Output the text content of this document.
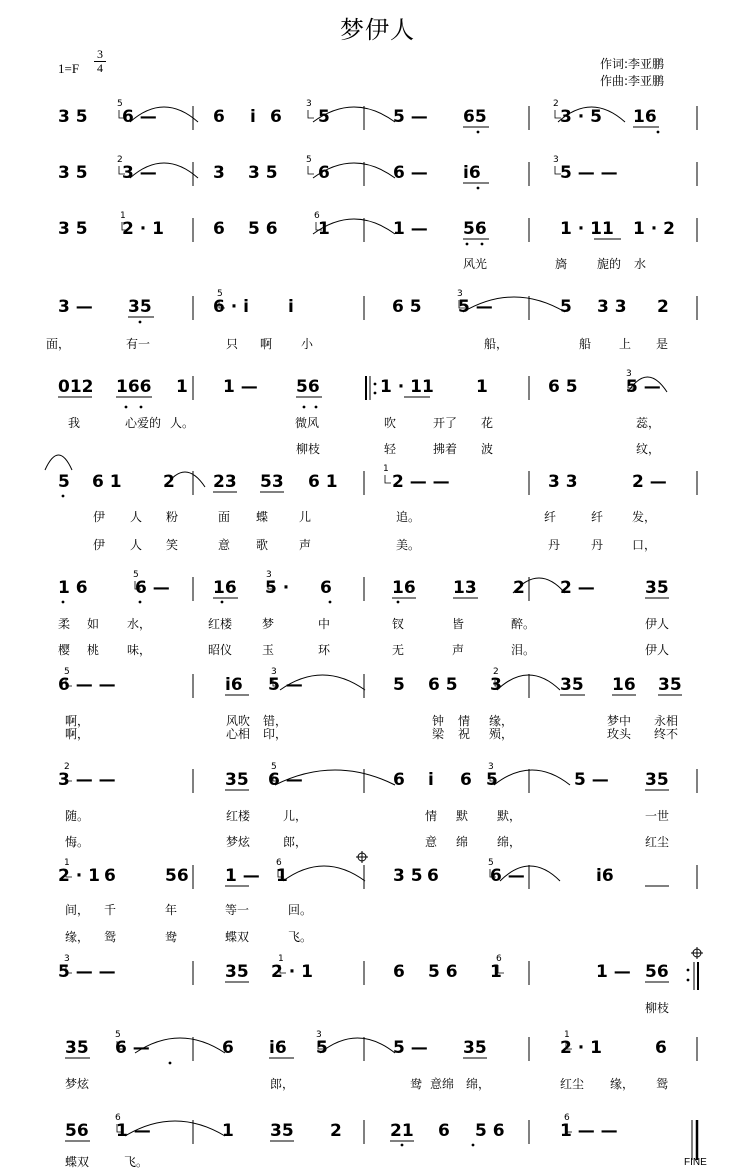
梦伊人
1=F
3
4	作词:李亚鹏
作曲:李亚鹏
3 5 6 —	6 i 6 5	5 — 65	3 · 5 16
5	3	2
3 5 3 —	3 3 5 6	6 — i6	5 — —
2	5	3
3 5 2 · 1	6 5 6 1	1 — 56	1 · 11 1 · 2
1	6
风光	旖 旎的 水
3 — 35	6 · i i	6 5 5 —	5 3 3 2
5	3
面，	有一	只 啊 小	船，	船 上 是
012 166 1 1 — 56	1 · 11 1	6 5	5 —
3
我	心爱的 人。	微风	吹	开了 花	蕊，
柳枝	轻	拂着 波	纹，
5 6 1 2 23 53 6 1	2 — —	3 3	2 —
1
伊 人 粉	面 蝶	儿	追。	纤	纤 发，
伊 人 笑	意 歌	声	美。	丹	丹 口，
1 6	6 —	16 5 · 6	16 13 2 2 —	35
5	3
柔 如 水，	红楼 梦	中	钗	皆	醉。	伊人
樱 桃 味，	昭仪 玉	环	无	声	泪。	伊人
6 — —	i6 5 —	5 6 5 3	35 16 35
5	3	2
啊，	风吹 错，	钟 情 缘，	梦中 永相
啊，	心相 印，	梁 祝 殒，	玫头 终不
3 — —	35 6 —	6 i 6 5	5 — 35
2	5	3
随。	红楼	儿，	情 默 默，	一世
悔。	梦炫	郎，	意 绵 绵，	红尘
2 · 1 6	56 1 — 1	3 5 6	6 —	i6
1	6	5
间， 千	年	等一	回。
缘， 鸳	鸯	蝶双	飞。
5 — —	35 2 · 1	6 5 6 1	1 — 56
3	1	6
柳枝
35 6 —	6 i6 5	5 — 35	2 · 1	6
5	3	1
梦炫	郎，	意绵 绵，	红尘 缘， 鸳
鸯
56 1 —	1 35 2	21 6 5 6	1 — —
6	6
蝶双	飞。	FINE
